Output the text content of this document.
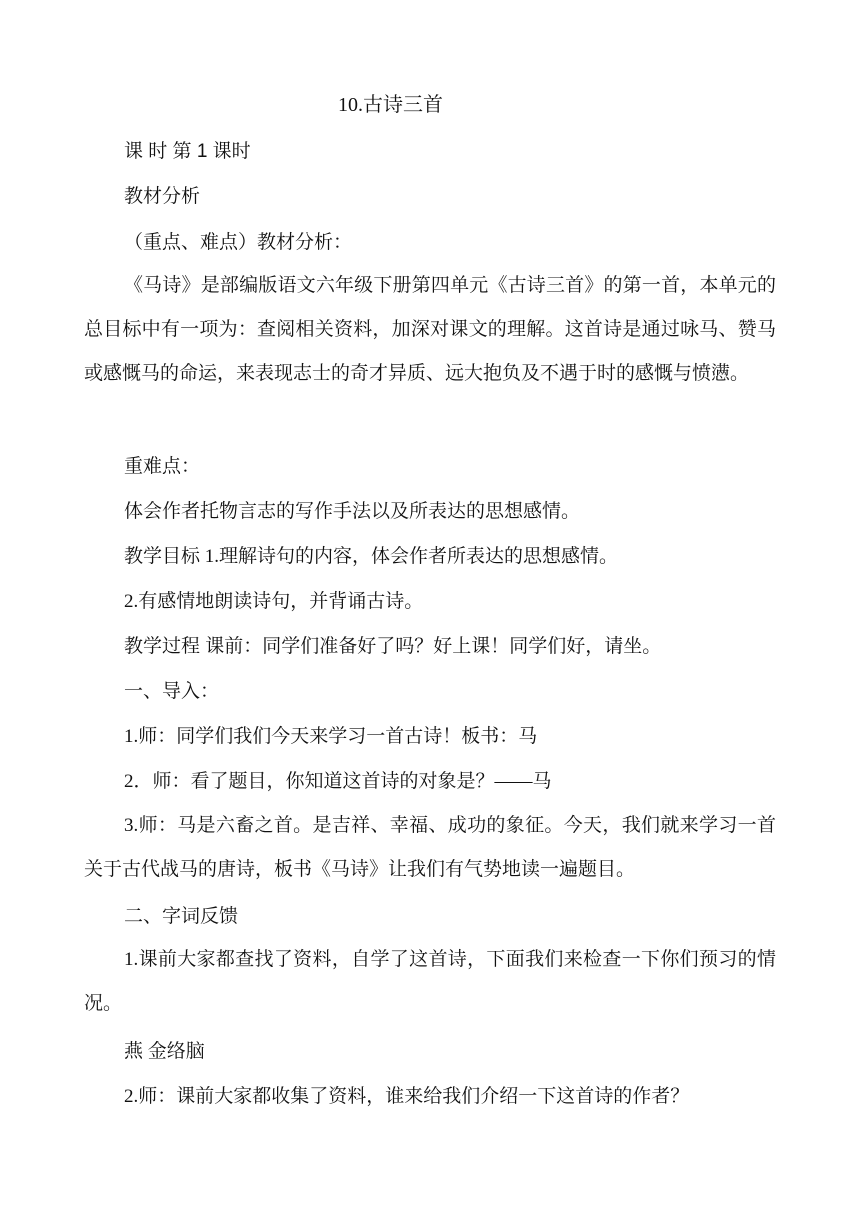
10.古诗三首
课 时 第 1 课时
教材分析
（重点、难点）教材分析：
《马诗》是部编版语文六年级下册第四单元《古诗三首》的第一首，本单元的总目标中有一项为：查阅相关资料，加深对课文的理解。这首诗是通过咏马、赞马或感慨马的命运，来表现志士的奇才异质、远大抱负及不遇于时的感慨与愤懑。
重难点：
体会作者托物言志的写作手法以及所表达的思想感情。
教学目标 1.理解诗句的内容，体会作者所表达的思想感情。
2.有感情地朗读诗句，并背诵古诗。
教学过程 课前：同学们准备好了吗？好上课！同学们好，请坐。
一、导入：
1.师：同学们我们今天来学习一首古诗！板书：马
2．师：看了题目，你知道这首诗的对象是？——马
3.师：马是六畜之首。是吉祥、幸福、成功的象征。今天，我们就来学习一首关于古代战马的唐诗，板书《马诗》让我们有气势地读一遍题目。
二、字词反馈
1.课前大家都查找了资料，自学了这首诗，下面我们来检查一下你们预习的情况。
燕 金络脑
2.师：课前大家都收集了资料，谁来给我们介绍一下这首诗的作者？
